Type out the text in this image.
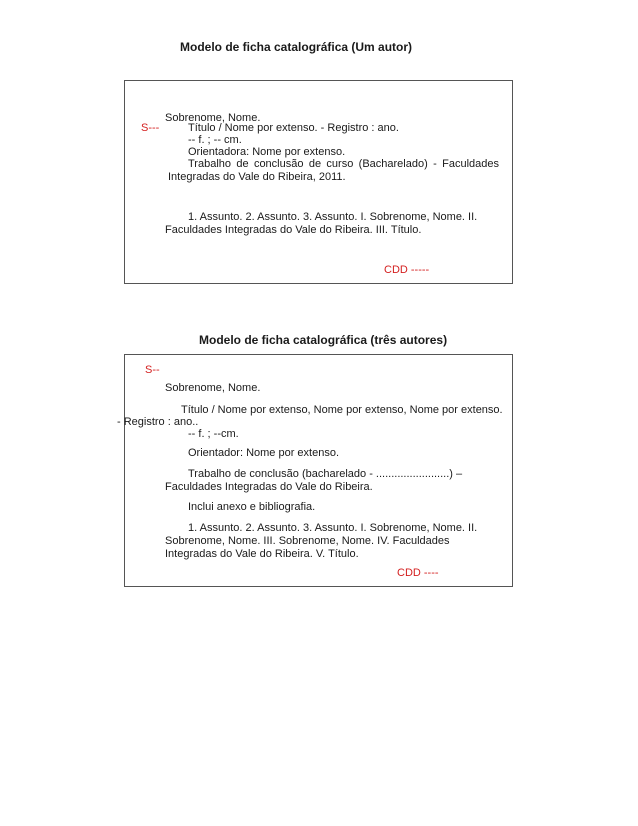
Modelo de ficha catalográfica (Um autor)
Sobrenome, Nome.
S---	Título / Nome por extenso. - Registro : ano.
-- f. ; -- cm.
Orientadora: Nome por extenso.
Trabalho de conclusão de curso (Bacharelado) - Faculdades
Integradas do Vale do Ribeira, 2011.
1. Assunto. 2. Assunto. 3. Assunto. I. Sobrenome, Nome. II.
Faculdades Integradas do Vale do Ribeira. III. Título.
CDD -----
Modelo de ficha catalográfica (três autores)
S--
Sobrenome, Nome.
Título / Nome por extenso, Nome por extenso, Nome por extenso.
- Registro : ano..
-- f. ; --cm.
Orientador: Nome por extenso.
Trabalho de conclusão (bacharelado - ........................) –
Faculdades Integradas do Vale do Ribeira.
Inclui anexo e bibliografia.
1. Assunto. 2. Assunto. 3. Assunto. I. Sobrenome, Nome. II.
Sobrenome, Nome. III. Sobrenome, Nome. IV. Faculdades
Integradas do Vale do Ribeira. V. Título.
CDD ----
